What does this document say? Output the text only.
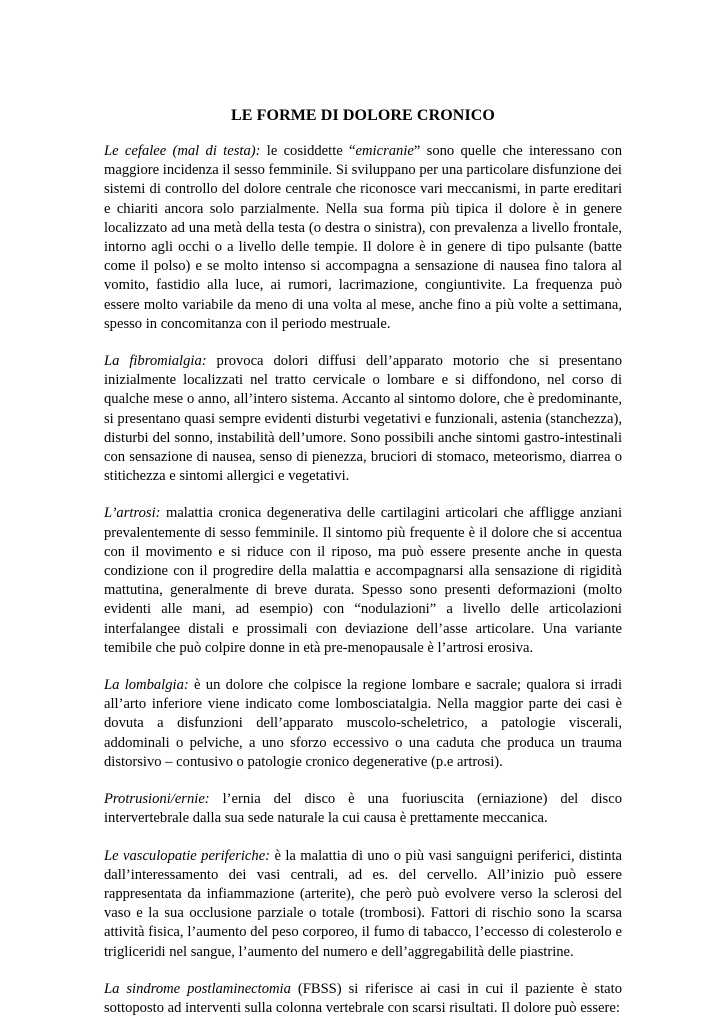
LE FORME DI DOLORE CRONICO

Le cefalee (mal di testa): le cosiddette “emicranie” sono quelle che interessano con maggiore incidenza il sesso femminile. Si sviluppano per una particolare disfunzione dei sistemi di controllo del dolore centrale che riconosce vari meccanismi, in parte ereditari e chiariti ancora solo parzialmente. Nella sua forma più tipica il dolore è in genere localizzato ad una metà della testa (o destra o sinistra), con prevalenza a livello frontale, intorno agli occhi o a livello delle tempie. Il dolore è in genere di tipo pulsante (batte come il polso) e se molto intenso si accompagna a sensazione di nausea fino talora al vomito, fastidio alla luce, ai rumori, lacrimazione, congiuntivite. La frequenza può essere molto variabile da meno di una volta al mese, anche fino a più volte a settimana, spesso in concomitanza con il periodo mestruale.

La fibromialgia: provoca dolori diffusi dell’apparato motorio che si presentano inizialmente localizzati nel tratto cervicale o lombare e si diffondono, nel corso di qualche mese o anno, all’intero sistema. Accanto al sintomo dolore, che è predominante, si presentano quasi sempre evidenti disturbi vegetativi e funzionali, astenia (stanchezza), disturbi del sonno, instabilità dell’umore. Sono possibili anche sintomi gastro-intestinali con sensazione di nausea, senso di pienezza, bruciori di stomaco, meteorismo, diarrea o stitichezza e sintomi allergici e vegetativi.

L’artrosi: malattia cronica degenerativa delle cartilagini articolari che affligge anziani prevalentemente di sesso femminile. Il sintomo più frequente è il dolore che si accentua con il movimento e si riduce con il riposo, ma può essere presente anche in questa condizione con il progredire della malattia e accompagnarsi alla sensazione di rigidità mattutina, generalmente di breve durata. Spesso sono presenti deformazioni (molto evidenti alle mani, ad esempio) con “nodulazioni” a livello delle articolazioni interfalangee distali e prossimali con deviazione dell’asse articolare. Una variante temibile che può colpire donne in età pre-menopausale è l’artrosi erosiva.

La lombalgia: è un dolore che colpisce la regione lombare e sacrale; qualora si irradi all’arto inferiore viene indicato come lombosciatalgia. Nella maggior parte dei casi è dovuta a disfunzioni dell’apparato muscolo-scheletrico, a patologie viscerali, addominali o pelviche, a uno sforzo eccessivo o una caduta che produca un trauma distorsivo – contusivo o patologie cronico degenerative (p.e artrosi).

Protrusioni/ernie: l’ernia del disco è una fuoriuscita (erniazione) del disco intervertebrale dalla sua sede naturale la cui causa è prettamente meccanica.

Le vasculopatie periferiche: è la malattia di uno o più vasi sanguigni periferici, distinta dall’interessamento dei vasi centrali, ad es. del cervello. All’inizio può essere rappresentata da infiammazione (arterite), che però può evolvere verso la sclerosi del vaso e la sua occlusione parziale o totale (trombosi). Fattori di rischio sono la scarsa attività fisica, l’aumento del peso corporeo, il fumo di tabacco, l’eccesso di colesterolo e trigliceridi nel sangue, l’aumento del numero e dell’aggregabilità delle piastrine.

La sindrome postlaminectomia (FBSS) si riferisce ai casi in cui il paziente è stato sottoposto ad interventi sulla colonna vertebrale con scarsi risultati. Il dolore può essere:
